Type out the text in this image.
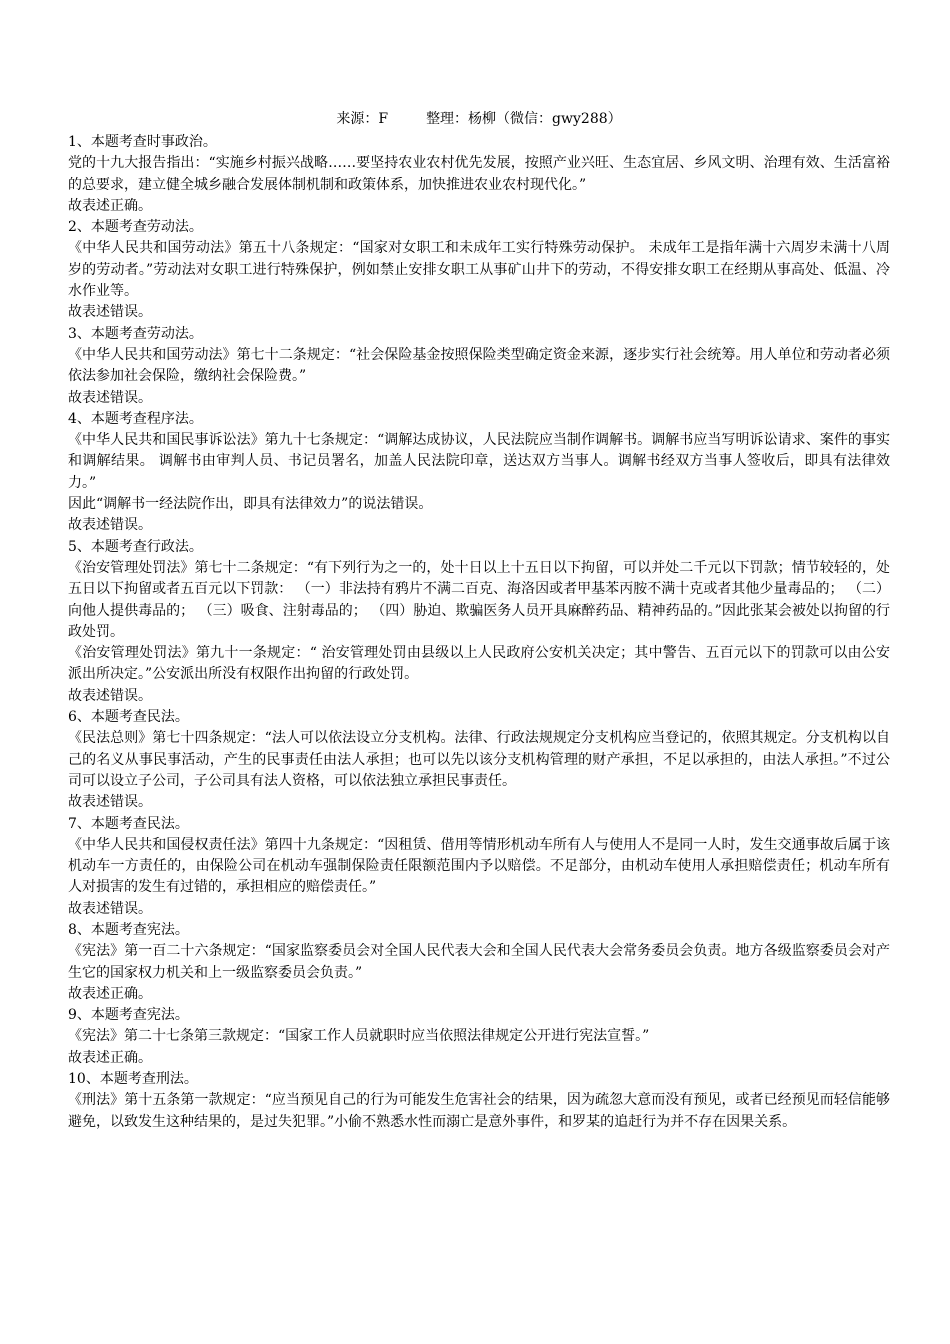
来源：F	整理：杨柳（微信：gwy288）

1、本题考查时事政治。

党的十九大报告指出：“实施乡村振兴战略……要坚持农业农村优先发展，按照产业兴旺、生态宜居、乡风文明、治理有效、生活富裕的总要求，建立健全城乡融合发展体制机制和政策体系，加快推进农业农村现代化。”

故表述正确。

2、本题考查劳动法。

《中华人民共和国劳动法》第五十八条规定：“国家对女职工和未成年工实行特殊劳动保护。 未成年工是指年满十六周岁未满十八周岁的劳动者。”劳动法对女职工进行特殊保护，例如禁止安排女职工从事矿山井下的劳动，不得安排女职工在经期从事高处、低温、冷水作业等。

故表述错误。

3、本题考查劳动法。

《中华人民共和国劳动法》第七十二条规定：“社会保险基金按照保险类型确定资金来源，逐步实行社会统筹。用人单位和劳动者必须依法参加社会保险，缴纳社会保险费。”

故表述错误。

4、本题考查程序法。

《中华人民共和国民事诉讼法》第九十七条规定：“调解达成协议，人民法院应当制作调解书。调解书应当写明诉讼请求、案件的事实和调解结果。 调解书由审判人员、书记员署名，加盖人民法院印章，送达双方当事人。调解书经双方当事人签收后，即具有法律效力。”

因此“调解书一经法院作出，即具有法律效力”的说法错误。

故表述错误。

5、本题考查行政法。

《治安管理处罚法》第七十二条规定：“有下列行为之一的，处十日以上十五日以下拘留，可以并处二千元以下罚款；情节较轻的，处五日以下拘留或者五百元以下罚款： （一）非法持有鸦片不满二百克、海洛因或者甲基苯丙胺不满十克或者其他少量毒品的； （二）向他人提供毒品的； （三）吸食、注射毒品的； （四）胁迫、欺骗医务人员开具麻醉药品、精神药品的。”因此张某会被处以拘留的行政处罚。

《治安管理处罚法》第九十一条规定：“ 治安管理处罚由县级以上人民政府公安机关决定；其中警告、五百元以下的罚款可以由公安派出所决定。”公安派出所没有权限作出拘留的行政处罚。

故表述错误。

6、本题考查民法。

《民法总则》第七十四条规定：“法人可以依法设立分支机构。法律、行政法规规定分支机构应当登记的，依照其规定。分支机构以自己的名义从事民事活动，产生的民事责任由法人承担；也可以先以该分支机构管理的财产承担，不足以承担的，由法人承担。”不过公司可以设立子公司，子公司具有法人资格，可以依法独立承担民事责任。

故表述错误。

7、本题考查民法。

《中华人民共和国侵权责任法》第四十九条规定：“因租赁、借用等情形机动车所有人与使用人不是同一人时，发生交通事故后属于该机动车一方责任的，由保险公司在机动车强制保险责任限额范围内予以赔偿。不足部分，由机动车使用人承担赔偿责任；机动车所有人对损害的发生有过错的，承担相应的赔偿责任。”

故表述错误。

8、本题考查宪法。

《宪法》第一百二十六条规定：“国家监察委员会对全国人民代表大会和全国人民代表大会常务委员会负责。地方各级监察委员会对产生它的国家权力机关和上一级监察委员会负责。”

故表述正确。

9、本题考查宪法。

《宪法》第二十七条第三款规定：“国家工作人员就职时应当依照法律规定公开进行宪法宣誓。”

故表述正确。

10、本题考查刑法。

《刑法》第十五条第一款规定：“应当预见自己的行为可能发生危害社会的结果，因为疏忽大意而没有预见，或者已经预见而轻信能够避免，以致发生这种结果的，是过失犯罪。”小偷不熟悉水性而溺亡是意外事件，和罗某的追赶行为并不存在因果关系。
